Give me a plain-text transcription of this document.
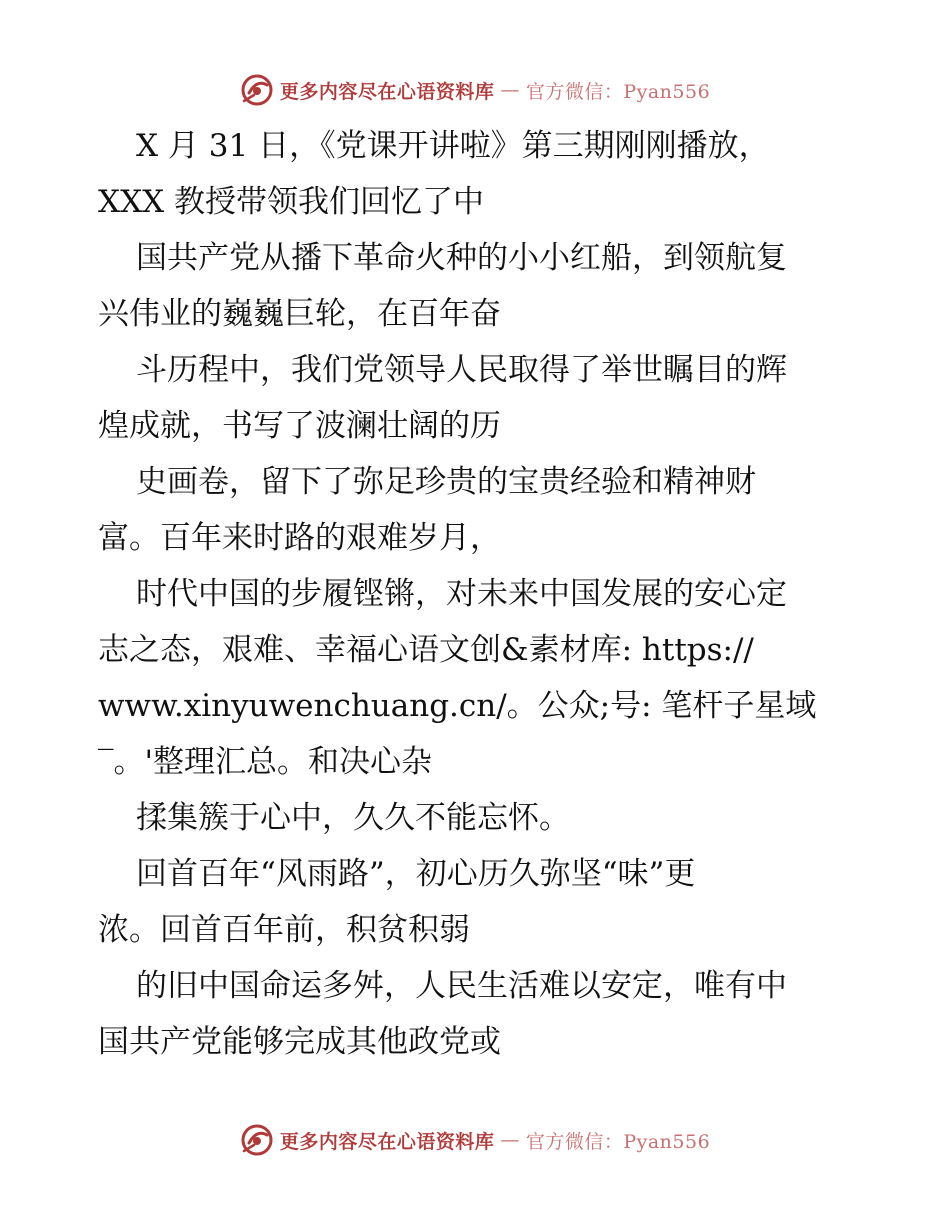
更多内容尽在心语资料库 — 官方微信：Pyan556
X 月 31 日，《党课开讲啦》第三期刚刚播放，
XXX 教授带领我们回忆了中
国共产党从播下革命火种的小小红船，到领航复
兴伟业的巍巍巨轮，在百年奋
斗历程中，我们党领导人民取得了举世瞩目的辉
煌成就，书写了波澜壮阔的历
史画卷，留下了弥足珍贵的宝贵经验和精神财
富。百年来时路的艰难岁月，
时代中国的步履铿锵，对未来中国发展的安心定
志之态，艰难、幸福心语文创&素材库: https://
www.xinyuwenchuang.cn/。公众;号: 笔杆子星域
‾。'整理汇总。和决心杂
揉集簇于心中，久久不能忘怀。
回首百年“风雨路”，初心历久弥坚“味”更
浓。回首百年前，积贫积弱
的旧中国命运多舛，人民生活难以安定，唯有中
国共产党能够完成其他政党或
更多内容尽在心语资料库 — 官方微信：Pyan556
